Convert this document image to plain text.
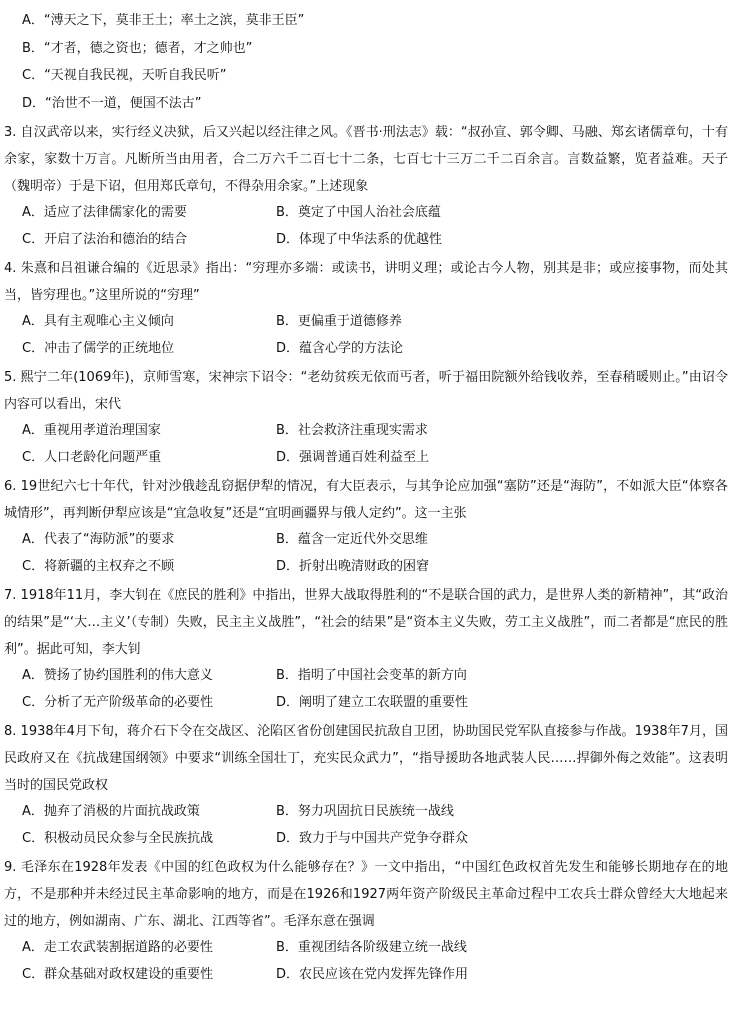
A．“溥天之下，莫非王土；率土之滨，莫非王臣”
B．“才者，德之资也；德者，才之帅也”
C．“天视自我民视，天听自我民听”
D．“治世不一道，便国不法古”
3. 自汉武帝以来，实行经义决狱，后又兴起以经注律之风。《晋书·刑法志》载：“叔孙宣、郭令卿、马融、郑玄诸儒章句，十有余家，家数十万言。凡断所当由用者，合二万六千二百七十二条，七百七十三万二千二百余言。言数益繁，览者益难。天子（魏明帝）于是下诏，但用郑氏章句，不得杂用余家。”上述现象
A．适应了法律儒家化的需要	B．奠定了中国人治社会底蕴
C．开启了法治和德治的结合	D．体现了中华法系的优越性
4. 朱熹和吕祖谦合编的《近思录》指出：“穷理亦多端：或读书，讲明义理；或论古今人物，别其是非；或应接事物，而处其当，皆穷理也。”这里所说的“穷理”
A．具有主观唯心主义倾向	B．更偏重于道德修养
C．冲击了儒学的正统地位	D．蕴含心学的方法论
5. 熙宁二年(1069年)，京师雪寒，宋神宗下诏令：“老幼贫疾无依而丐者，听于福田院额外给钱收养，至春稍暖则止。”由诏令内容可以看出，宋代
A．重视用孝道治理国家	B．社会救济注重现实需求
C．人口老龄化问题严重	D．强调普通百姓利益至上
6. 19世纪六七十年代，针对沙俄趁乱窃据伊犁的情况，有大臣表示，与其争论应加强“塞防”还是“海防”，不如派大臣“体察各城情形”，再判断伊犁应该是“宜急收复”还是“宜明画疆界与俄人定约”。这一主张
A．代表了“海防派”的要求	B．蕴含一定近代外交思维
C．将新疆的主权弃之不顾	D．折射出晚清财政的困窘
7. 1918年11月，李大钊在《庶民的胜利》中指出，世界大战取得胜利的“不是联合国的武力，是世界人类的新精神”，其“政治的结果”是“‘大…主义’（专制）失败，民主主义战胜”，“社会的结果”是“资本主义失败，劳工主义战胜”，而二者都是“庶民的胜利”。据此可知，李大钊
A．赞扬了协约国胜利的伟大意义	B．指明了中国社会变革的新方向
C．分析了无产阶级革命的必要性	D．阐明了建立工农联盟的重要性
8. 1938年4月下旬，蒋介石下令在交战区、沦陷区省份创建国民抗敌自卫团，协助国民党军队直接参与作战。1938年7月，国民政府又在《抗战建国纲领》中要求“训练全国壮丁，充实民众武力”，“指导援助各地武装人民……捍御外侮之效能”。这表明当时的国民党政权
A．抛弃了消极的片面抗战政策	B．努力巩固抗日民族统一战线
C．积极动员民众参与全民族抗战	D．致力于与中国共产党争夺群众
9. 毛泽东在1928年发表《中国的红色政权为什么能够存在？》一文中指出，“中国红色政权首先发生和能够长期地存在的地方，不是那种并未经过民主革命影响的地方，而是在1926和1927两年资产阶级民主革命过程中工农兵士群众曾经大大地起来过的地方，例如湖南、广东、湖北、江西等省”。毛泽东意在强调
A．走工农武装割据道路的必要性	B．重视团结各阶级建立统一战线
C．群众基础对政权建设的重要性	D．农民应该在党内发挥先锋作用
